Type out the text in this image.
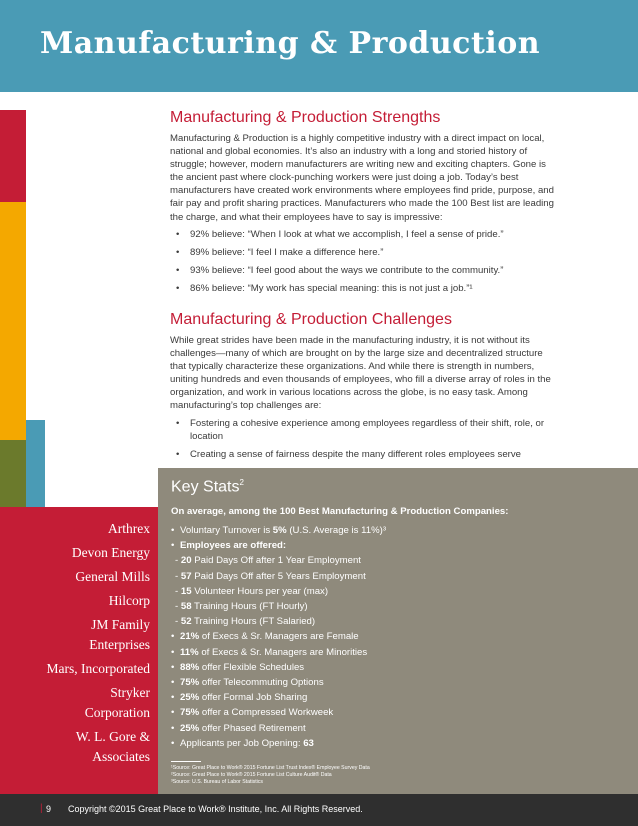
Manufacturing & Production
Manufacturing & Production Strengths

Manufacturing & Production is a highly competitive industry with a direct impact on local, national and global economies. It’s also an industry with a long and storied history of struggle; however, modern manufacturers are writing new and exciting chapters. Gone is the ancient past where clock-punching workers were just doing a job. Today’s best manufacturers have created work environments where employees find pride, purpose, and fair pay and profit sharing practices. Manufacturers who made the 100 Best list are leading the charge, and what their employees have to say is impressive:

• 92% believe: “When I look at what we accomplish, I feel a sense of pride.”
• 89% believe: “I feel I make a difference here.”
• 93% believe: “I feel good about the ways we contribute to the community.”
• 86% believe: “My work has special meaning: this is not just a job.”¹
Manufacturing & Production Challenges

While great strides have been made in the manufacturing industry, it is not without its challenges—many of which are brought on by the large size and decentralized structure that typically characterize these organizations. And while there is strength in numbers, uniting hundreds and even thousands of employees, who fill a diverse array of roles in the organization, and work in various locations across the globe, is no easy task. Among manufacturing’s top challenges are:

• Fostering a cohesive experience among employees regardless of their shift, role, or location
• Creating a sense of fairness despite the many different roles employees serve
Arthrex
Devon Energy
General Mills
Hilcorp
JM Family
Enterprises
Mars, Incorporated
Stryker
Corporation
W. L. Gore &
Associates
Key Stats$^2$

On average, among the 100 Best Manufacturing & Production Companies:

• Voluntary Turnover is 5% (U.S. Average is 11%)³
• Employees are offered:
- 20 Paid Days Off after 1 Year Employment
- 57 Paid Days Off after 5 Years Employment
- 15 Volunteer Hours per year (max)
- 58 Training Hours (FT Hourly)
- 52 Training Hours (FT Salaried)
• 21% of Execs & Sr. Managers are Female
• 11% of Execs & Sr. Managers are Minorities
• 88% offer Flexible Schedules
• 75% offer Telecommuting Options
• 25% offer Formal Job Sharing
• 75% offer a Compressed Workweek
• 25% offer Phased Retirement
• Applicants per Job Opening: 63
¹Source: Great Place to Work® 2015 Fortune List Trust Index® Employee Survey Data
²Source: Great Place to Work® 2015 Fortune List Culture Audit® Data
³Source: U.S. Bureau of Labor Statistics
| 9 Copyright ©2015 Great Place to Work® Institute, Inc. All Rights Reserved.
